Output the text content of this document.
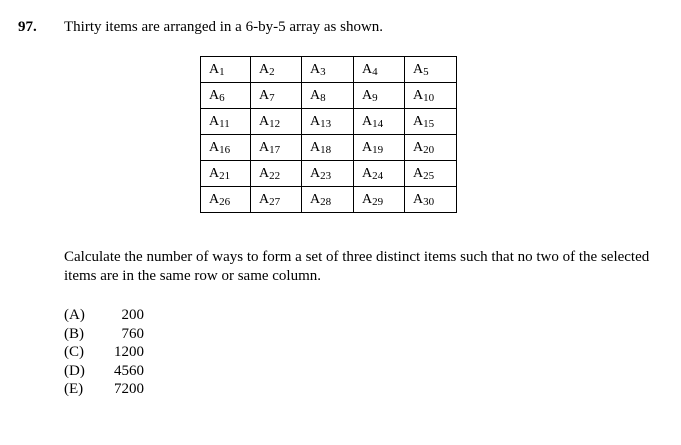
97. Thirty items are arranged in a 6-by-5 array as shown.
A1	A2	A3	A4	A5
A6	A7	A8	A9	A10
A11	A12	A13	A14	A15
A16	A17	A18	A19	A20
A21	A22	A23	A24	A25
A26	A27	A28	A29	A30
Calculate the number of ways to form a set of three distinct items such that no two of the selected items are in the same row or same column.
(A) 200
(B)	760
(C) 1200
(D) 4560
(E) 7200
